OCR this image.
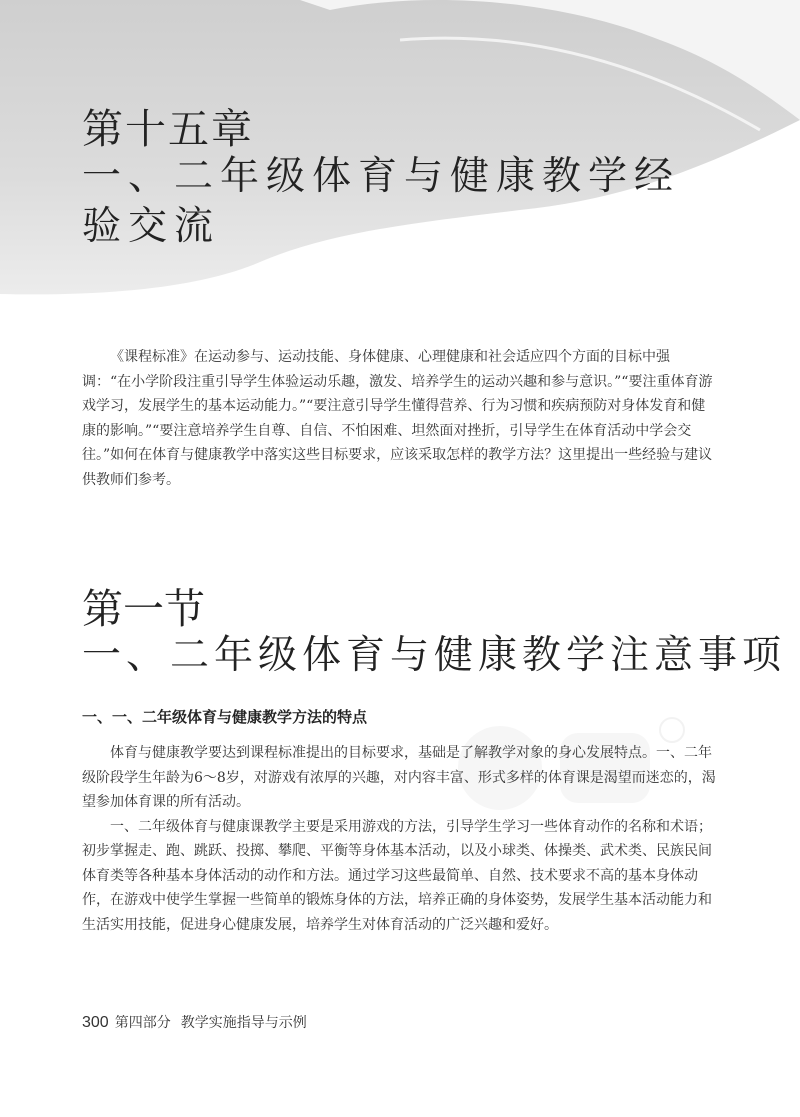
第十五章
一、二年级体育与健康教学经验交流

《课程标准》在运动参与、运动技能、身体健康、心理健康和社会适应四个方面的目标中强调：“在小学阶段注重引导学生体验运动乐趣，激发、培养学生的运动兴趣和参与意识。”“要注重体育游戏学习，发展学生的基本运动能力。”“要注意引导学生懂得营养、行为习惯和疾病预防对身体发育和健康的影响。”“要注意培养学生自尊、自信、不怕困难、坦然面对挫折，引导学生在体育活动中学会交往。”如何在体育与健康教学中落实这些目标要求，应该采取怎样的教学方法？这里提出一些经验与建议供教师们参考。

第一节
一、二年级体育与健康教学注意事项
一、一、二年级体育与健康教学方法的特点

体育与健康教学要达到课程标准提出的目标要求，基础是了解教学对象的身心发展特点。一、二年级阶段学生年龄为6～8岁，对游戏有浓厚的兴趣，对内容丰富、形式多样的体育课是渴望而迷恋的，渴望参加体育课的所有活动。

一、二年级体育与健康课教学主要是采用游戏的方法，引导学生学习一些体育动作的名称和术语；初步掌握走、跑、跳跃、投掷、攀爬、平衡等身体基本活动，以及小球类、体操类、武术类、民族民间体育类等各种基本身体活动的动作和方法。通过学习这些最简单、自然、技术要求不高的基本身体动作，在游戏中使学生掌握一些简单的锻炼身体的方法，培养正确的身体姿势，发展学生基本活动能力和生活实用技能，促进身心健康发展，培养学生对体育活动的广泛兴趣和爱好。

300 第四部分 教学实施指导与示例
